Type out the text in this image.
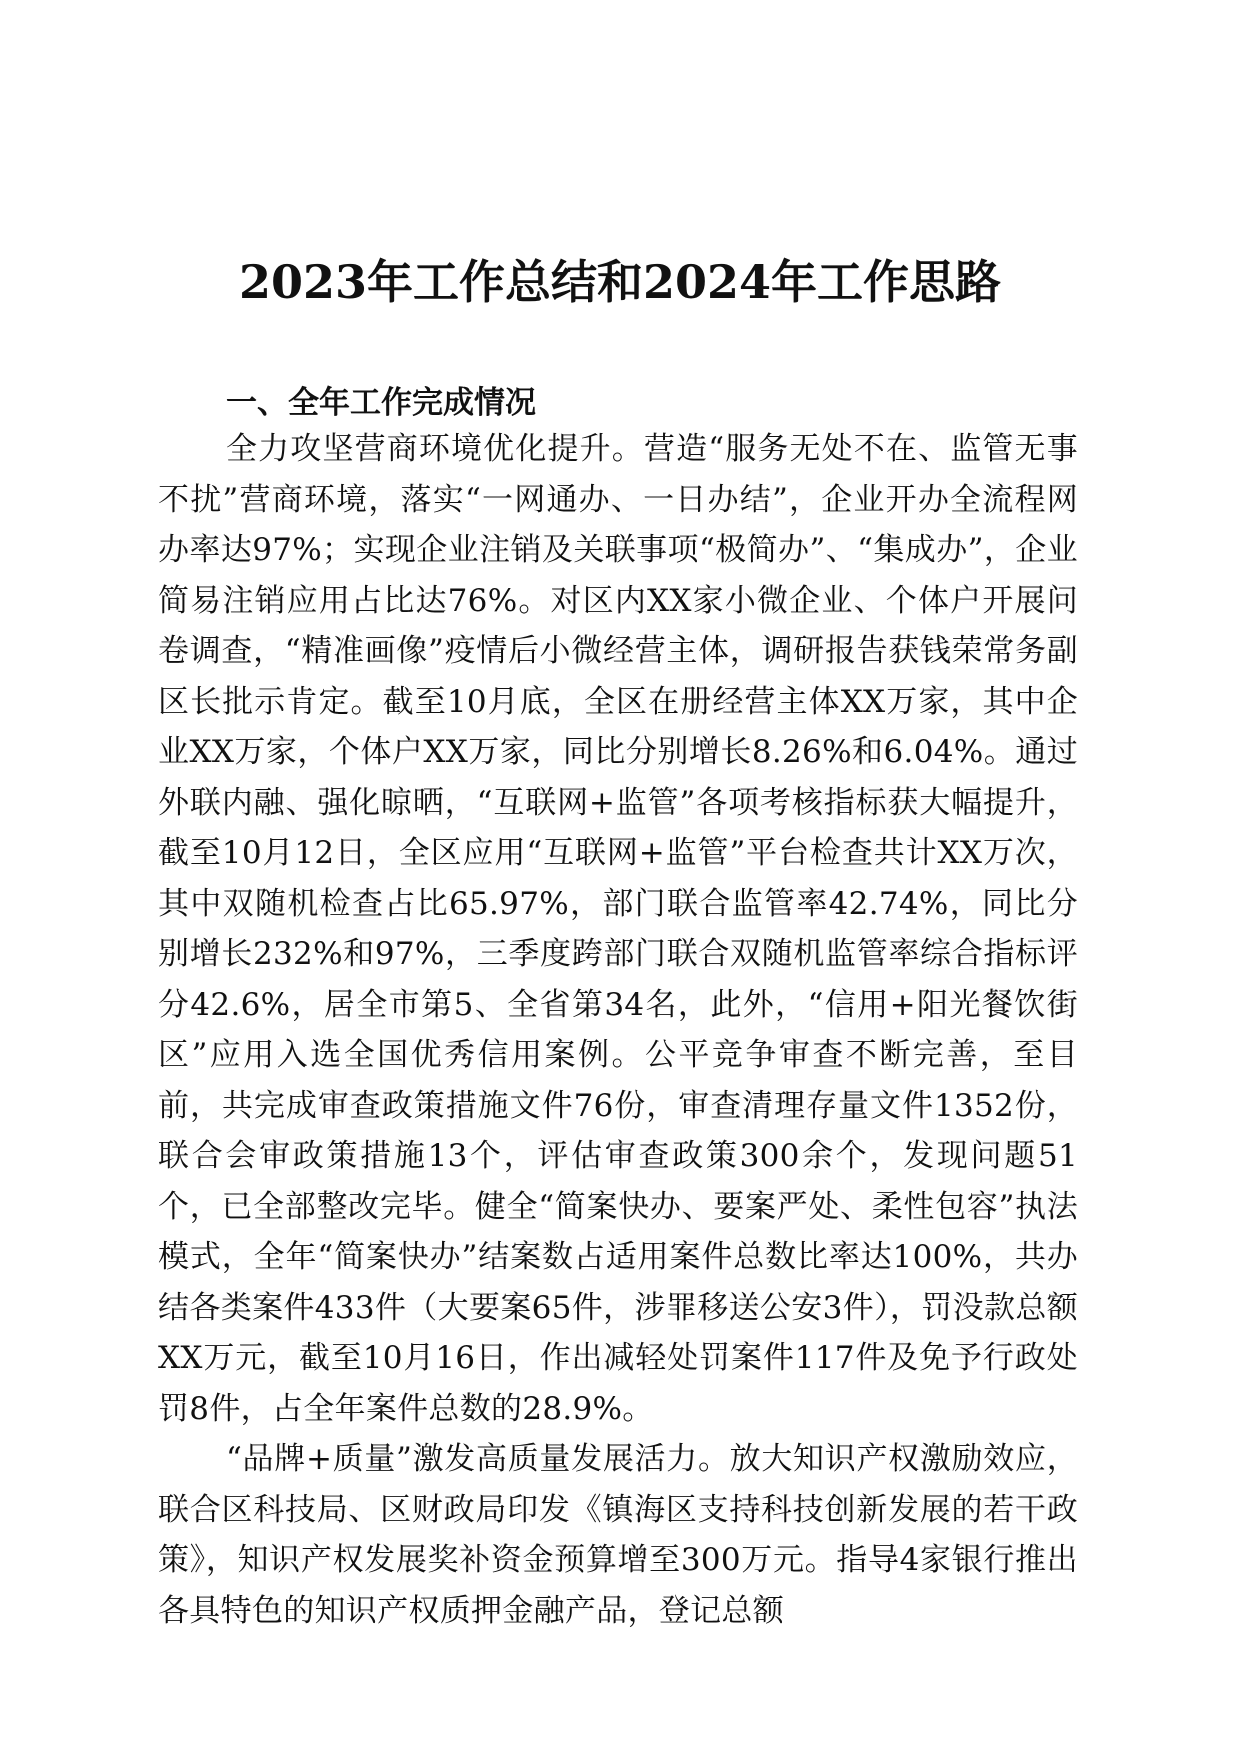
2023年工作总结和2024年工作思路
一、全年工作完成情况

全力攻坚营商环境优化提升。营造“服务无处不在、监管无事不扰”营商环境，落实“一网通办、一日办结”，企业开办全流程网办率达97%；实现企业注销及关联事项“极简办”、“集成办”，企业简易注销应用占比达76%。对区内XX家小微企业、个体户开展问卷调查，“精准画像”疫情后小微经营主体，调研报告获钱荣常务副区长批示肯定。截至10月底，全区在册经营主体XX万家，其中企业XX万家，个体户XX万家，同比分别增长8.26%和6.04%。通过外联内融、强化晾晒，“互联网+监管”各项考核指标获大幅提升，截至10月12日，全区应用“互联网+监管”平台检查共计XX万次，其中双随机检查占比65.97%，部门联合监管率42.74%，同比分别增长232%和97%，三季度跨部门联合双随机监管率综合指标评分42.6%，居全市第5、全省第34名，此外，“信用+阳光餐饮街区”应用入选全国优秀信用案例。公平竞争审查不断完善，至目前，共完成审查政策措施文件76份，审查清理存量文件1352份，联合会审政策措施13个，评估审查政策300余个，发现问题51个，已全部整改完毕。健全“简案快办、要案严处、柔性包容”执法模式，全年“简案快办”结案数占适用案件总数比率达100%，共办结各类案件433件（大要案65件，涉罪移送公安3件），罚没款总额XX万元，截至10月16日，作出减轻处罚案件117件及免予行政处罚8件，占全年案件总数的28.9%。

“品牌+质量”激发高质量发展活力。放大知识产权激励效应，联合区科技局、区财政局印发《镇海区支持科技创新发展的若干政策》，知识产权发展奖补资金预算增至300万元。指导4家银行推出各具特色的知识产权质押金融产品，登记总额
